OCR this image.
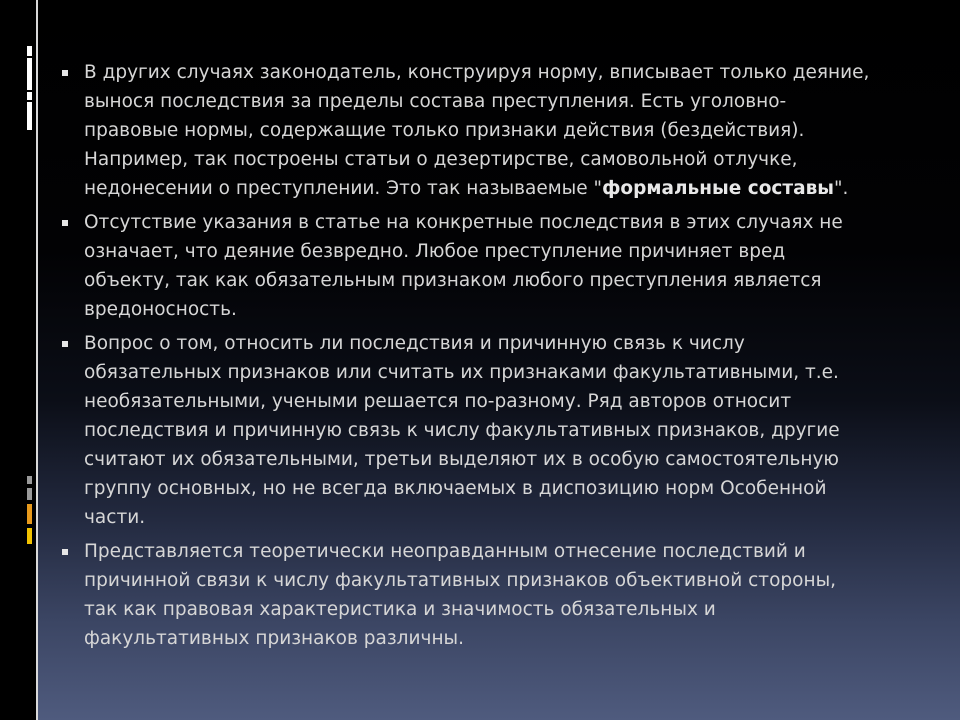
В других случаях законодатель, конструируя норму, вписывает только деяние,
вынося последствия за пределы состава преступления. Есть уголовно-
правовые нормы, содержащие только признаки действия (бездействия).
Например, так построены статьи о дезертирстве, самовольной отлучке,
недонесении о преступлении. Это так называемые "формальные составы".
Отсутствие указания в статье на конкретные последствия в этих случаях не
означает, что деяние безвредно. Любое преступление причиняет вред
объекту, так как обязательным признаком любого преступления является
вредоносность.
Вопрос о том, относить ли последствия и причинную связь к числу
обязательных признаков или считать их признаками факультативными, т.е.
необязательными, учеными решается по-разному. Ряд авторов относит
последствия и причинную связь к числу факультативных признаков, другие
считают их обязательными, третьи выделяют их в особую самостоятельную
группу основных, но не всегда включаемых в диспозицию норм Особенной
части.
Представляется теоретически неоправданным отнесение последствий и
причинной связи к числу факультативных признаков объективной стороны,
так как правовая характеристика и значимость обязательных и
факультативных признаков различны.
